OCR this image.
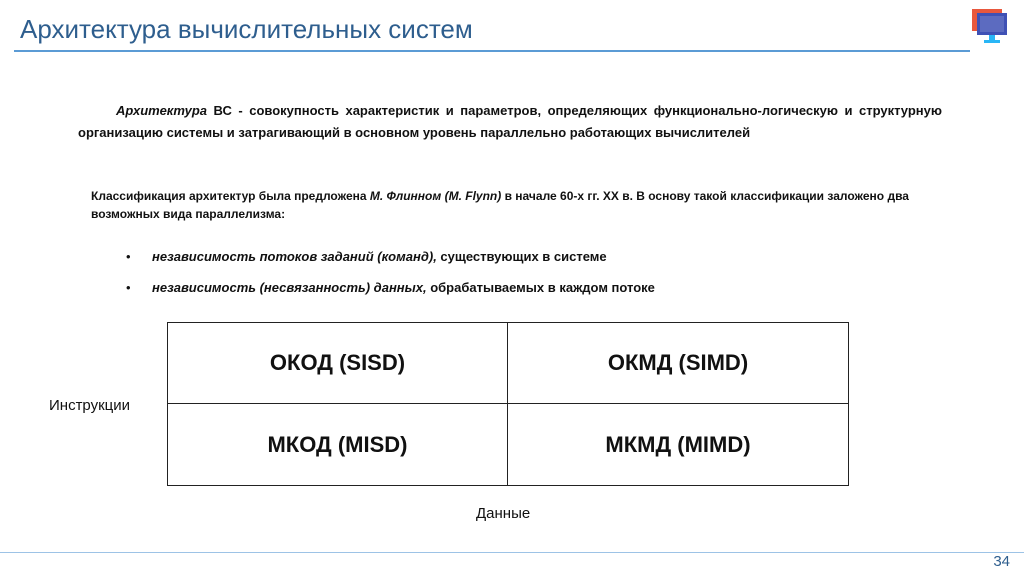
Архитектура вычислительных систем
Архитектура ВС - совокупность характеристик и параметров, определяющих функционально-логическую и структурную организацию системы и затрагивающий в основном уровень параллельно работающих вычислителей
Классификация архитектур была предложена М. Флинном (M. Flynn) в начале 60-х гг. XX в. В основу такой классификации заложено два возможных вида параллелизма:
• независимость потоков заданий (команд), существующих в системе
• независимость (несвязанность) данных, обрабатываемых в каждом потоке
ОКОД (SISD)	ОКМД (SIMD)
МКОД (MISD)	МКМД (MIMD)
Инструкции
Данные
34
